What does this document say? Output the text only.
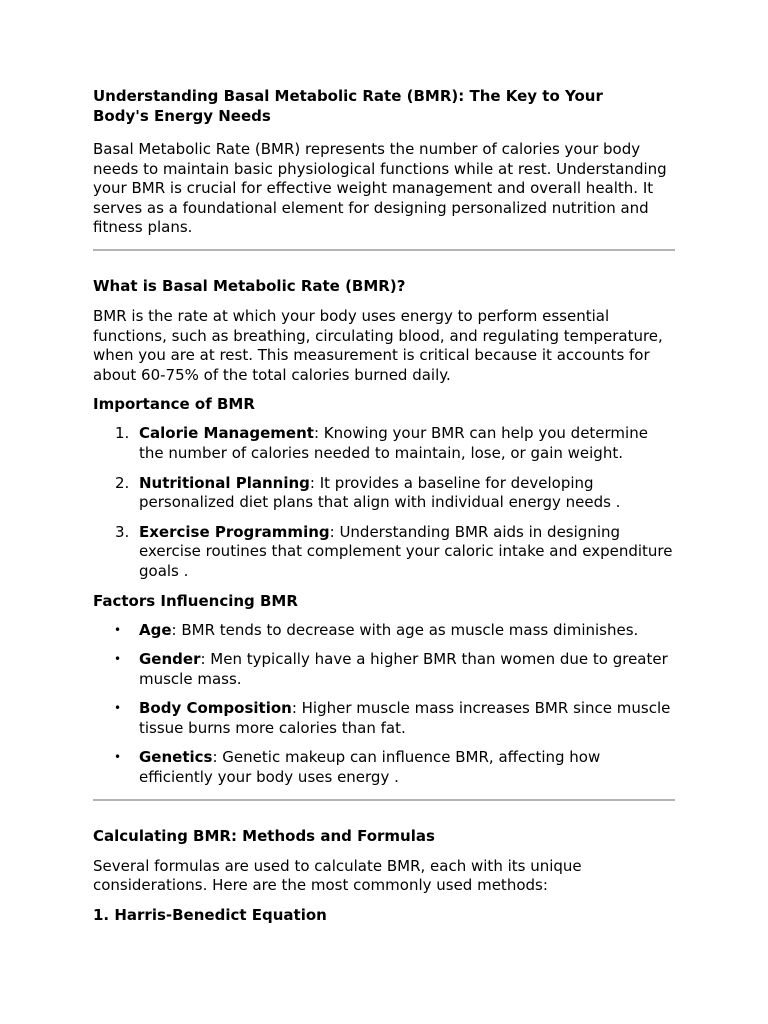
Understanding Basal Metabolic Rate (BMR): The Key to Your Body's Energy Needs

Basal Metabolic Rate (BMR) represents the number of calories your body needs to maintain basic physiological functions while at rest. Understanding your BMR is crucial for effective weight management and overall health. It serves as a foundational element for designing personalized nutrition and fitness plans.

What is Basal Metabolic Rate (BMR)?

BMR is the rate at which your body uses energy to perform essential functions, such as breathing, circulating blood, and regulating temperature, when you are at rest. This measurement is critical because it accounts for about 60-75% of the total calories burned daily.

Importance of BMR
1. Calorie Management: Knowing your BMR can help you determine the number of calories needed to maintain, lose, or gain weight.
2. Nutritional Planning: It provides a baseline for developing personalized diet plans that align with individual energy needs .
3. Exercise Programming: Understanding BMR aids in designing exercise routines that complement your caloric intake and expenditure goals .
Factors Influencing BMR
• Age: BMR tends to decrease with age as muscle mass diminishes.
• Gender: Men typically have a higher BMR than women due to greater muscle mass.
• Body Composition: Higher muscle mass increases BMR since muscle tissue burns more calories than fat.
• Genetics: Genetic makeup can influence BMR, affecting how efficiently your body uses energy .
Calculating BMR: Methods and Formulas

Several formulas are used to calculate BMR, each with its unique considerations. Here are the most commonly used methods:

1. Harris-Benedict Equation
